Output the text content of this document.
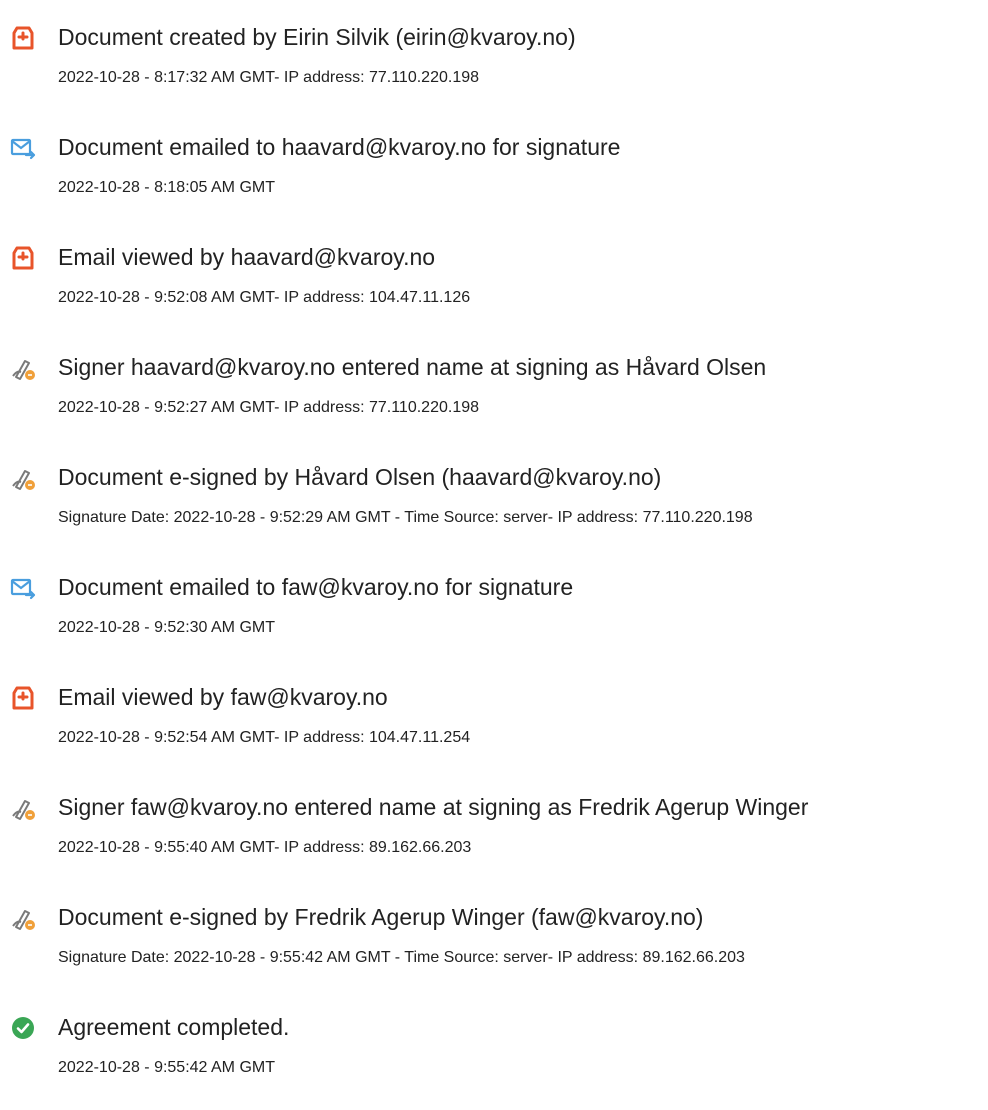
Document created by Eirin Silvik (eirin@kvaroy.no)
2022-10-28 - 8:17:32 AM GMT- IP address: 77.110.220.198
Document emailed to haavard@kvaroy.no for signature
2022-10-28 - 8:18:05 AM GMT
Email viewed by haavard@kvaroy.no
2022-10-28 - 9:52:08 AM GMT- IP address: 104.47.11.126
Signer haavard@kvaroy.no entered name at signing as Håvard Olsen
2022-10-28 - 9:52:27 AM GMT- IP address: 77.110.220.198
Document e-signed by Håvard Olsen (haavard@kvaroy.no)
Signature Date: 2022-10-28 - 9:52:29 AM GMT - Time Source: server- IP address: 77.110.220.198
Document emailed to faw@kvaroy.no for signature
2022-10-28 - 9:52:30 AM GMT
Email viewed by faw@kvaroy.no
2022-10-28 - 9:52:54 AM GMT- IP address: 104.47.11.254
Signer faw@kvaroy.no entered name at signing as Fredrik Agerup Winger
2022-10-28 - 9:55:40 AM GMT- IP address: 89.162.66.203
Document e-signed by Fredrik Agerup Winger (faw@kvaroy.no)
Signature Date: 2022-10-28 - 9:55:42 AM GMT - Time Source: server- IP address: 89.162.66.203
Agreement completed.
2022-10-28 - 9:55:42 AM GMT
